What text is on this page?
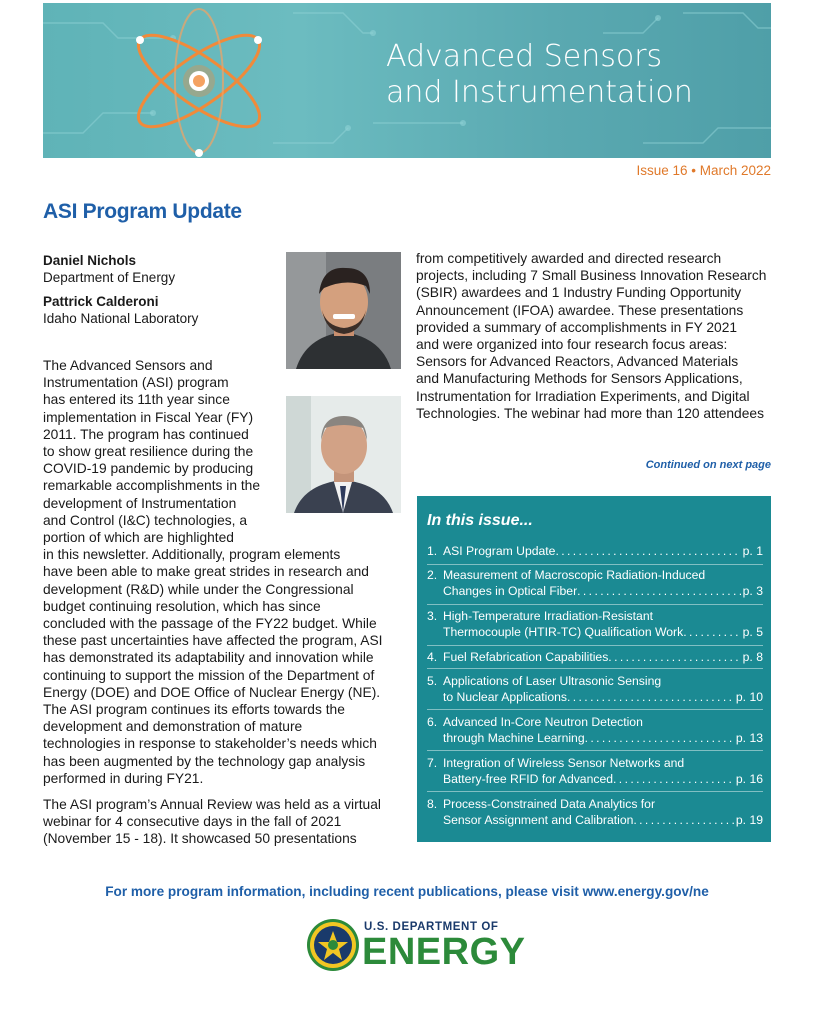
Advanced Sensors
and Instrumentation
Issue 16 • March 2022
ASI Program Update
Daniel Nichols
Department of Energy
Pattrick Calderoni
Idaho National Laboratory

The Advanced Sensors and
Instrumentation (ASI) program
has entered its 11th year since
implementation in Fiscal Year (FY)
2011. The program has continued
to show great resilience during the
COVID-19 pandemic by producing
remarkable accomplishments in the
development of Instrumentation
and Control (I&C) technologies, a
portion of which are highlighted
in this newsletter. Additionally, program elements
have been able to make great strides in research and
development (R&D) while under the Congressional
budget continuing resolution, which has since
concluded with the passage of the FY22 budget. While
these past uncertainties have affected the program, ASI
has demonstrated its adaptability and innovation while
continuing to support the mission of the Department of
Energy (DOE) and DOE Office of Nuclear Energy (NE).
The ASI program continues its efforts towards the
development and demonstration of mature
technologies in response to stakeholder’s needs which
has been augmented by the technology gap analysis
performed in during FY21.

The ASI program’s Annual Review was held as a virtual
webinar for 4 consecutive days in the fall of 2021
(November 15 - 18). It showcased 50 presentations

from competitively awarded and directed research
projects, including 7 Small Business Innovation Research
(SBIR) awardees and 1 Industry Funding Opportunity
Announcement (IFOA) awardee. These presentations
provided a summary of accomplishments in FY 2021
and were organized into four research focus areas:
Sensors for Advanced Reactors, Advanced Materials
and Manufacturing Methods for Sensors Applications,
Instrumentation for Irradiation Experiments, and Digital
Technologies. The webinar had more than 120 attendees
Continued on next page
In this issue...
1. ASI Program Update . . .	p. 1
2. Measurement of Macroscopic Radiation-Induced
Changes in Optical Fiber . . .	p. 3
3. High-Temperature Irradiation-Resistant
Thermocouple (HTIR-TC) Qualification Work . . .	p. 5
4. Fuel Refabrication Capabilities . . .	p. 8
5. Applications of Laser Ultrasonic Sensing
to Nuclear Applications . . .	p. 10
6. Advanced In-Core Neutron Detection
through Machine Learning . . .	p. 13
7. Integration of Wireless Sensor Networks and
Battery-free RFID for Advanced . . .	p. 16
8. Process-Constrained Data Analytics for
Sensor Assignment and Calibration . . .	p. 19
For more program information, including recent publications, please visit www.energy.gov/ne
U.S. DEPARTMENT OF
ENERGY
